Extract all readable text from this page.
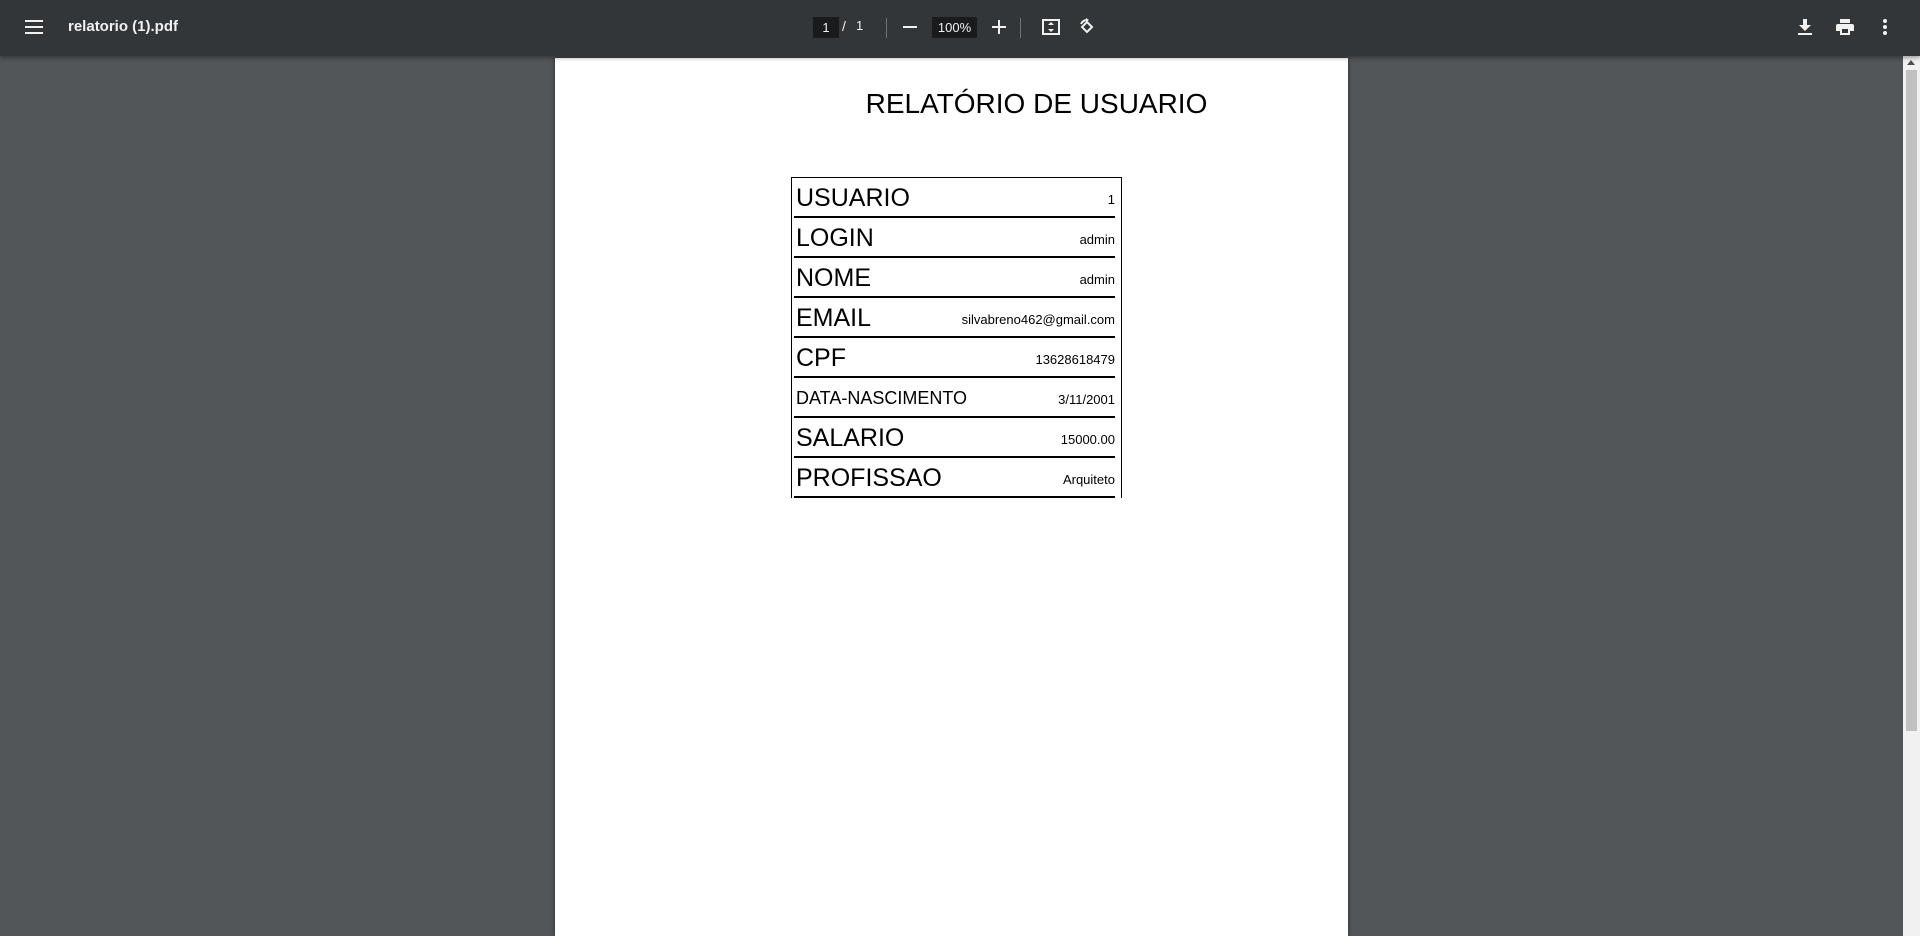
relatorio (1).pdf
1	/ 1
100%
RELATÓRIO DE USUARIO
USUARIO	1
LOGIN	admin
NOME	admin
EMAIL	silvabreno462@gmail.com
CPF	13628618479
DATA-NASCIMENTO	3/11/2001
SALARIO	15000.00
PROFISSAO	Arquiteto
